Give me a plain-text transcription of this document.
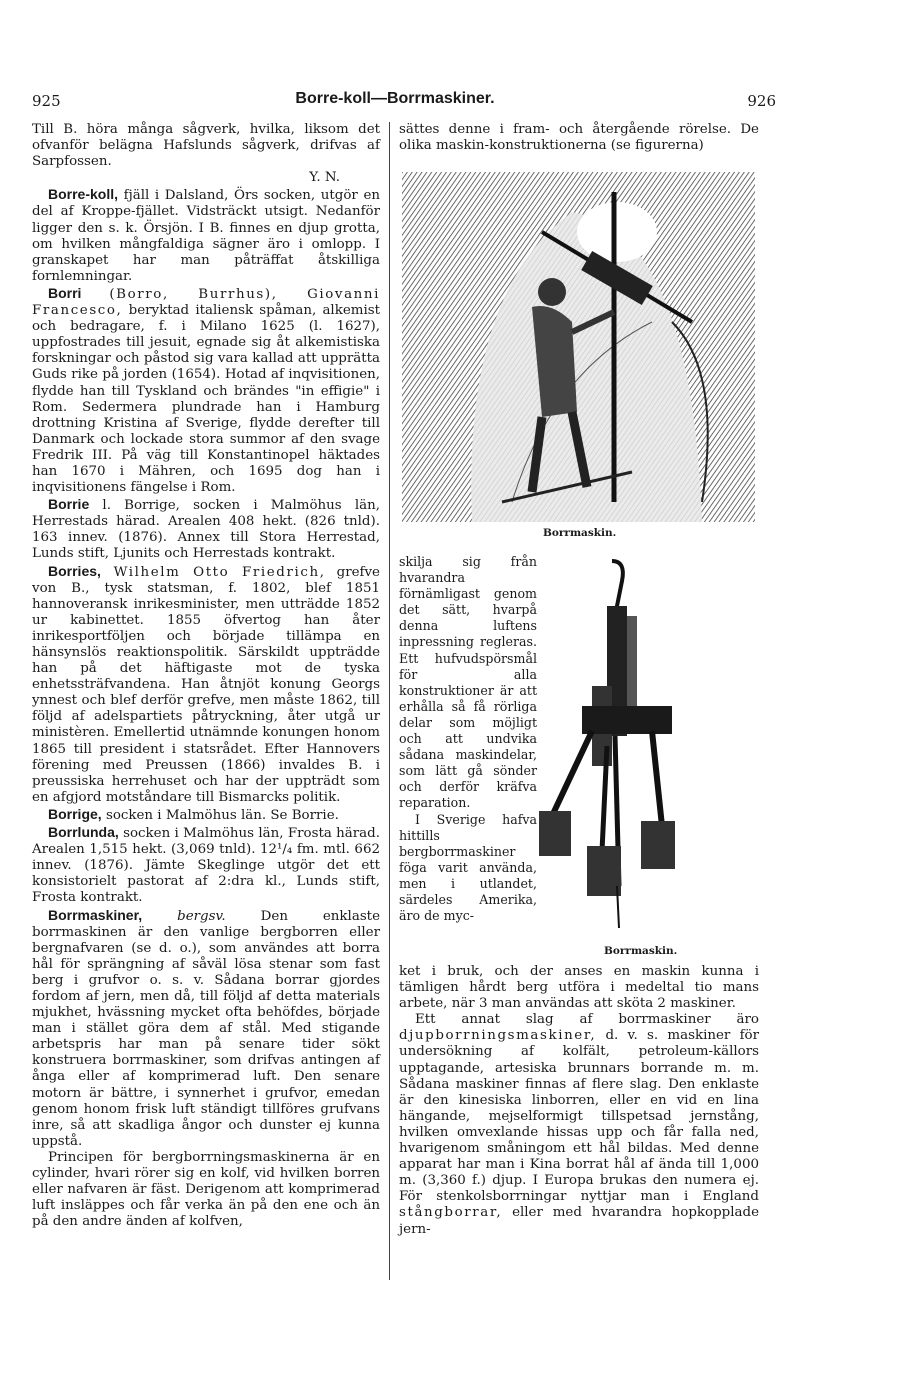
925	Borre-koll—Borrmaskiner.	926

Till B. höra många sågverk, hvilka, liksom det ofvanför belägna Hafslunds sågverk, drifvas af Sarpfossen.

Y. N.

Borre-koll, fjäll i Dalsland, Örs socken, utgör en del af Kroppe-fjället. Vidsträckt utsigt. Nedanför ligger den s. k. Örsjön. I B. finnes en djup grotta, om hvilken mångfaldiga sägner äro i omlopp. I granskapet har man påträffat åtskilliga fornlemningar.

Borri (Borro, Burrhus), Giovanni Francesco, beryktad italiensk spåman, alkemist och bedragare, f. i Milano 1625 (l. 1627), uppfostrades till jesuit, egnade sig åt alkemistiska forskningar och påstod sig vara kallad att upprätta Guds rike på jorden (1654). Hotad af inqvisitionen, flydde han till Tyskland och brändes "in effigie" i Rom. Sedermera plundrade han i Hamburg drottning Kristina af Sverige, flydde derefter till Danmark och lockade stora summor af den svage Fredrik III. På väg till Konstantinopel häktades han 1670 i Mähren, och 1695 dog han i inqvisitionens fängelse i Rom.

Borrie l. Borrige, socken i Malmöhus län, Herrestads härad. Arealen 408 hekt. (826 tnld). 163 innev. (1876). Annex till Stora Herrestad, Lunds stift, Ljunits och Herrestads kontrakt.

Borries, Wilhelm Otto Friedrich, grefve von B., tysk statsman, f. 1802, blef 1851 hannoveransk inrikesminister, men utträdde 1852 ur kabinettet. 1855 öfvertog han åter inrikesportföljen och började tillämpa en hänsynslös reaktionspolitik. Särskildt uppträdde han på det häftigaste mot de tyska enhetssträfvandena. Han åtnjöt konung Georgs ynnest och blef derför grefve, men måste 1862, till följd af adelspartiets påtryckning, åter utgå ur ministèren. Emellertid utnämnde konungen honom 1865 till president i statsrådet. Efter Hannovers förening med Preussen (1866) invaldes B. i preussiska herrehuset och har der uppträdt som en afgjord motståndare till Bismarcks politik.

Borrige, socken i Malmöhus län. Se Borrie.

Borrlunda, socken i Malmöhus län, Frosta härad. Arealen 1,515 hekt. (3,069 tnld). 12¹/₄ fm. mtl. 662 innev. (1876). Jämte Skeglinge utgör det ett konsistorielt pastorat af 2:dra kl., Lunds stift, Frosta kontrakt.

Borrmaskiner, bergsv. Den enklaste borrmaskinen är den vanlige bergborren eller bergnafvaren (se d. o.), som användes att borra hål för sprängning af såväl lösa stenar som fast berg i grufvor o. s. v. Sådana borrar gjordes fordom af jern, men då, till följd af detta materials mjukhet, hvässning mycket ofta behöfdes, började man i stället göra dem af stål. Med stigande arbetspris har man på senare tider sökt konstruera borrmaskiner, som drifvas antingen af ånga eller af komprimerad luft. Den senare motorn är bättre, i synnerhet i grufvor, emedan genom honom frisk luft ständigt tillföres grufvans inre, så att skadliga ångor och dunster ej kunna uppstå.

Principen för bergborrningsmaskinerna är en cylinder, hvari rörer sig en kolf, vid hvilken borren eller nafvaren är fäst. Derigenom att komprimerad luft insläppes och får verka än på den ene och än på den andre änden af kolfven,

sättes denne i fram- och återgående rörelse. De olika maskin-konstruktionerna (se figurerna)

Borrmaskin.

skilja sig från hvarandra förnämligast genom det sätt, hvarpå denna luftens inpressning regleras. Ett hufvudspörsmål för alla konstruktioner är att erhålla så få rörliga delar som möjligt och att undvika sådana maskindelar, som lätt gå sönder och derför kräfva reparation.

I Sverige hafva hittills bergborrmaskiner föga varit använda, men i utlandet, särdeles Amerika, äro de myc-

Borrmaskin.

ket i bruk, och der anses en maskin kunna i tämligen hårdt berg utföra i medeltal tio mans arbete, när 3 man användas att sköta 2 maskiner.

Ett annat slag af borrmaskiner äro djupborrningsmaskiner, d. v. s. maskiner för undersökning af kolfält, petroleum-källors upptagande, artesiska brunnars borrande m. m. Sådana maskiner finnas af flere slag. Den enklaste är den kinesiska linborren, eller en vid en lina hängande, mejselformigt tillspetsad jernstång, hvilken omvexlande hissas upp och får falla ned, hvarigenom småningom ett hål bildas. Med denne apparat har man i Kina borrat hål af ända till 1,000 m. (3,360 f.) djup. I Europa brukas den numera ej. För stenkolsborrningar nyttjar man i England stångborrar, eller med hvarandra hopkopplade jern-
